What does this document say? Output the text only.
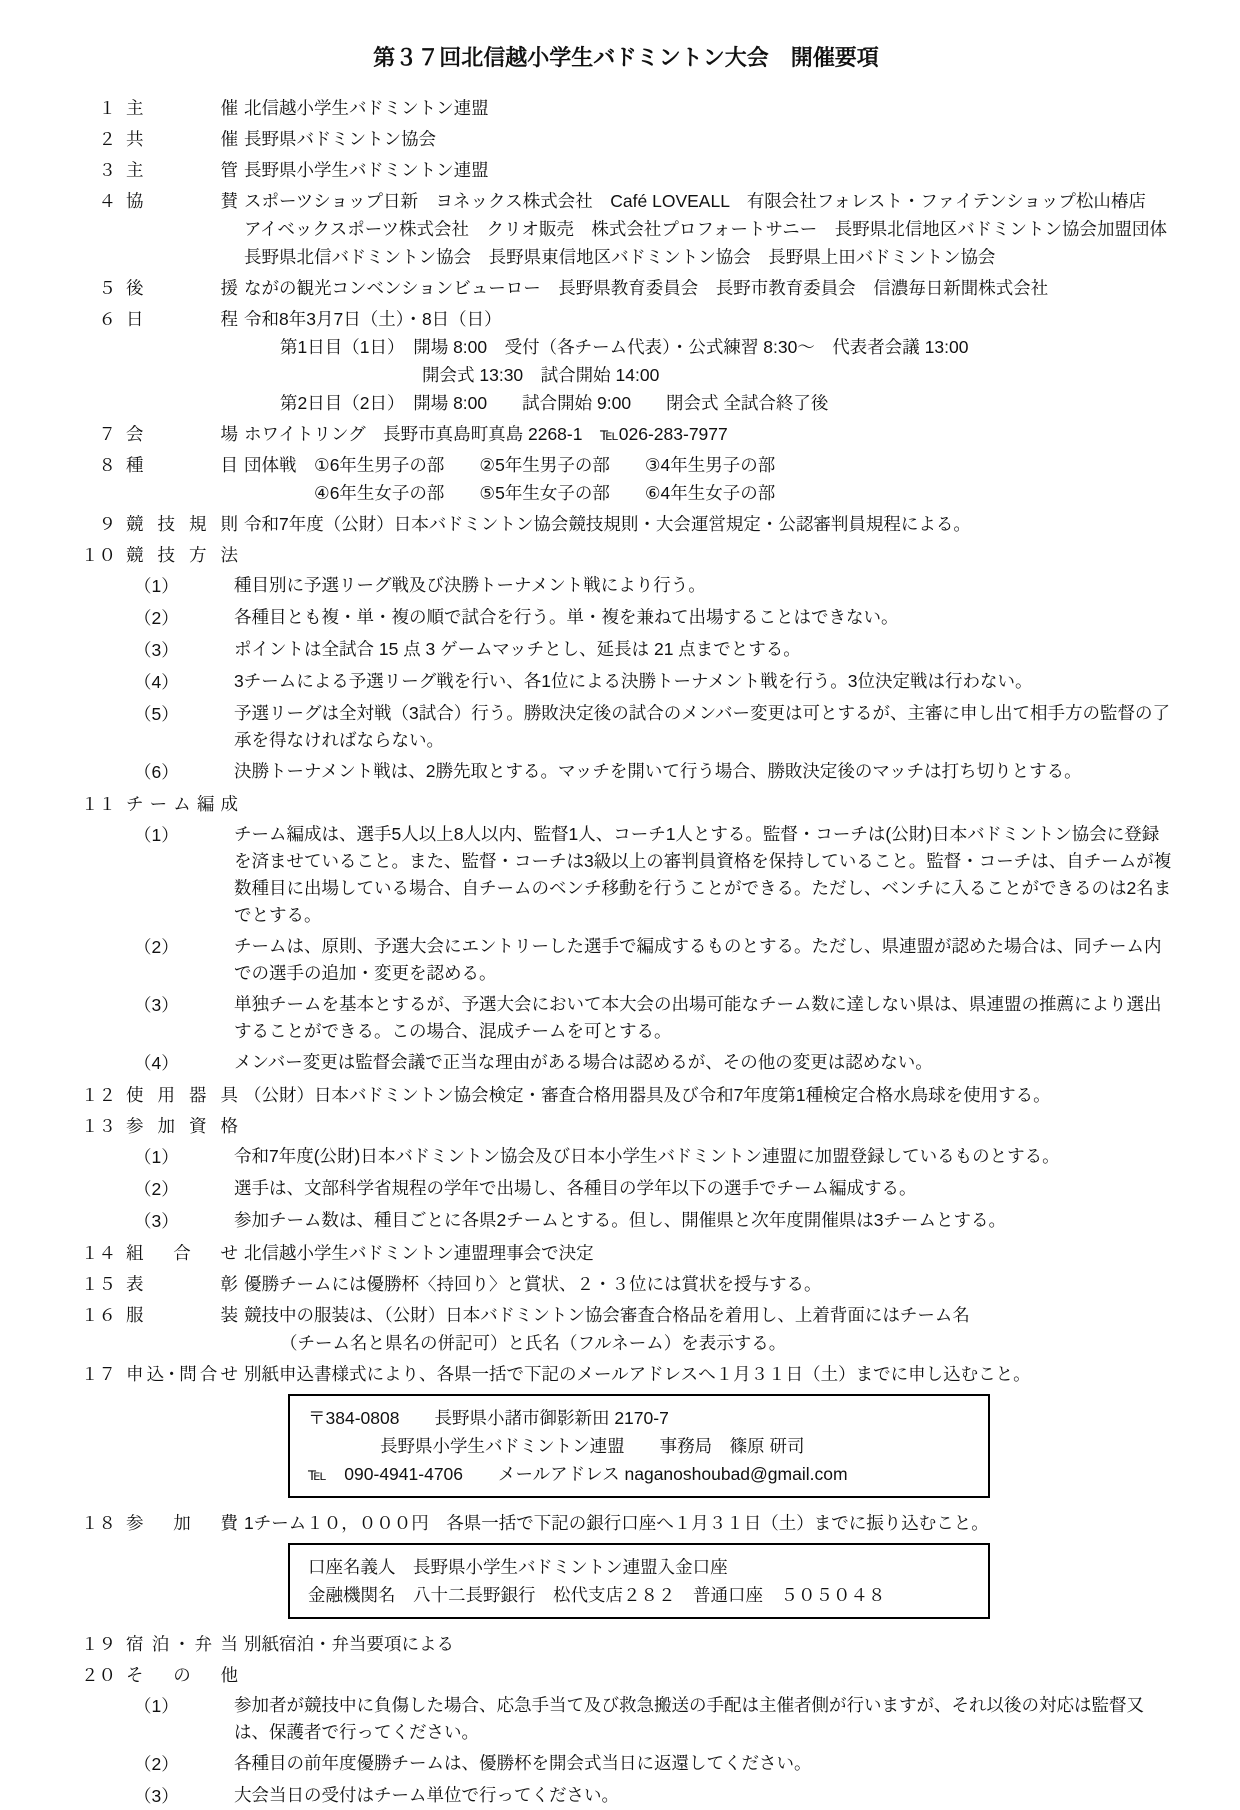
第３７回北信越小学生バドミントン大会　開催要項
１ 主催 北信越小学生バドミントン連盟
２ 共催 長野県バドミントン協会
３ 主管 長野県小学生バドミントン連盟
４ 協賛 スポーツショップ日新　ヨネックス株式会社　Café LOVEALL　有限会社フォレスト・ファイテンショップ松山椿店
アイベックスポーツ株式会社　クリオ販売　株式会社プロフォートサニー　長野県北信地区バドミントン協会加盟団体
長野県北信バドミントン協会　長野県東信地区バドミントン協会　長野県上田バドミントン協会
５ 後援 ながの観光コンベンションビューロー　長野県教育委員会　長野市教育委員会　信濃毎日新聞株式会社
６ 日程 令和8年3月7日（土）・8日（日）
第1日目（1日）　開場 8:00　受付（各チーム代表）・公式練習 8:30～　代表者会議 13:00
開会式 13:30　試合開始 14:00
第2日目（2日）　開場 8:00　　試合開始 9:00　　閉会式 全試合終了後
７ 会場 ホワイトリング　長野市真島町真島 2268-1　℡026-283-7977
８ 種目 団体戦　①6年生男子の部　　②5年生男子の部　　③4年生男子の部
④6年生女子の部　　⑤5年生女子の部　　⑥4年生女子の部
９ 競技規則 令和7年度（公財）日本バドミントン協会競技規則・大会運営規定・公認審判員規程による。
１０ 競技方法
（1）	種目別に予選リーグ戦及び決勝トーナメント戦により行う。
（2）	各種目とも複・単・複の順で試合を行う。単・複を兼ねて出場することはできない。
（3）	ポイントは全試合 15 点 3 ゲームマッチとし、延長は 21 点までとする。
（4）	3チームによる予選リーグ戦を行い、各1位による決勝トーナメント戦を行う。3位決定戦は行わない。
（5）	予選リーグは全対戦（3試合）行う。勝敗決定後の試合のメンバー変更は可とするが、主審に申し出て相手方の監督の了承を得なければならない。
（6）	決勝トーナメント戦は、2勝先取とする。マッチを開いて行う場合、勝敗決定後のマッチは打ち切りとする。
１１ チーム編成
（1）	チーム編成は、選手5人以上8人以内、監督1人、コーチ1人とする。監督・コーチは(公財)日本バドミントン協会に登録を済ませていること。また、監督・コーチは3級以上の審判員資格を保持していること。監督・コーチは、自チームが複数種目に出場している場合、自チームのベンチ移動を行うことができる。ただし、ベンチに入ることができるのは2名までとする。
（2）	チームは、原則、予選大会にエントリーした選手で編成するものとする。ただし、県連盟が認めた場合は、同チーム内での選手の追加・変更を認める。
（3）	単独チームを基本とするが、予選大会において本大会の出場可能なチーム数に達しない県は、県連盟の推薦により選出することができる。この場合、混成チームを可とする。
（4）	メンバー変更は監督会議で正当な理由がある場合は認めるが、その他の変更は認めない。
１２ 使用器具 （公財）日本バドミントン協会検定・審査合格用器具及び令和7年度第1種検定合格水鳥球を使用する。
１３ 参加資格
（1）	令和7年度(公財)日本バドミントン協会及び日本小学生バドミントン連盟に加盟登録しているものとする。
（2）	選手は、文部科学省規程の学年で出場し、各種目の学年以下の選手でチーム編成する。
（3）	参加チーム数は、種目ごとに各県2チームとする。但し、開催県と次年度開催県は3チームとする。
１４ 組合せ 北信越小学生バドミントン連盟理事会で決定
１５ 表彰 優勝チームには優勝杯〈持回り〉と賞状、２・３位には賞状を授与する。
１６ 服装 競技中の服装は、（公財）日本バドミントン協会審査合格品を着用し、上着背面にはチーム名
（チーム名と県名の併記可）と氏名（フルネーム）を表示する。
１７ 申込･問合せ 別紙申込書様式により、各県一括で下記のメールアドレスへ１月３１日（土）までに申し込むこと。
〒384-0808　　長野県小諸市御影新田 2170-7
長野県小学生バドミントン連盟　　事務局　篠原 研司
℡　090-4941-4706　　メールアドレス naganoshoubad@gmail.com
１８ 参加費 1チーム１０，０００円　各県一括で下記の銀行口座へ１月３１日（土）までに振り込むこと。
口座名義人　長野県小学生バドミントン連盟入金口座
金融機関名　八十二長野銀行　松代支店２８２　普通口座　５０５０４８
１９ 宿泊･弁当 別紙宿泊・弁当要項による
２０ その他
（1）	参加者が競技中に負傷した場合、応急手当て及び救急搬送の手配は主催者側が行いますが、それ以後の対応は監督又は、保護者で行ってください。
（2）	各種目の前年度優勝チームは、優勝杯を開会式当日に返還してください。
（3）	大会当日の受付はチーム単位で行ってください。
